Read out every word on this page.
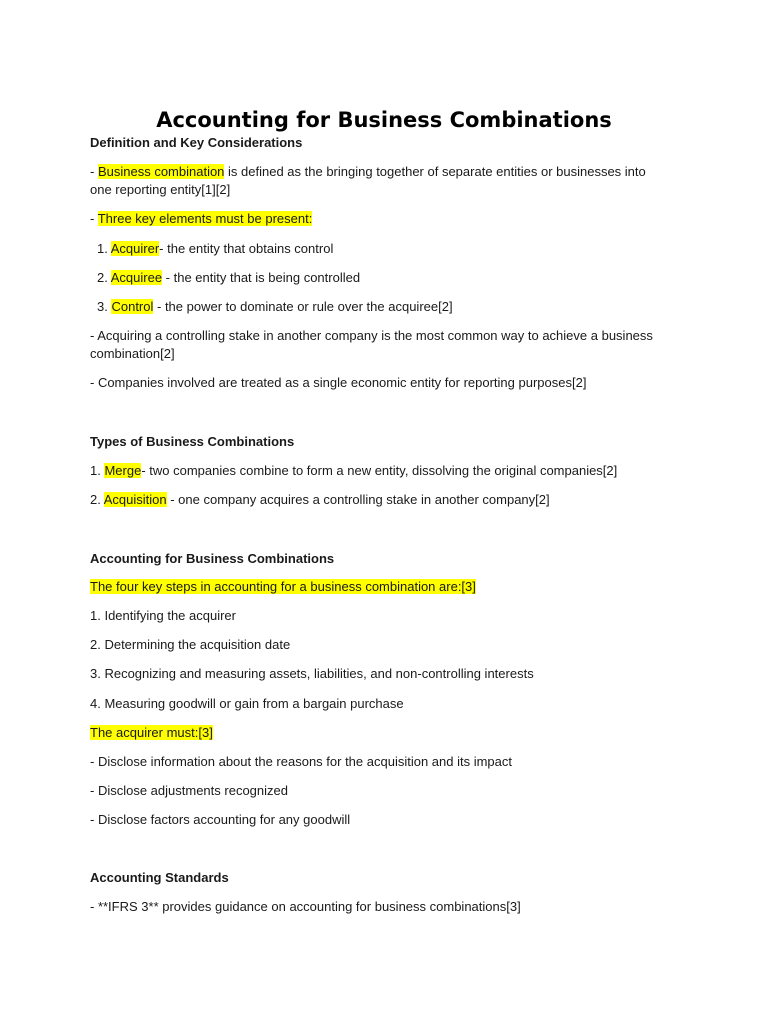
Accounting for Business Combinations
Definition and Key Considerations
- Business combination is defined as the bringing together of separate entities or businesses into one reporting entity[1][2]
- Three key elements must be present:
1. Acquirer- the entity that obtains control
2. Acquiree - the entity that is being controlled
3. Control - the power to dominate or rule over the acquiree[2]
- Acquiring a controlling stake in another company is the most common way to achieve a business combination[2]
- Companies involved are treated as a single economic entity for reporting purposes[2]
Types of Business Combinations
1. Merge- two companies combine to form a new entity, dissolving the original companies[2]
2. Acquisition - one company acquires a controlling stake in another company[2]
Accounting for Business Combinations
The four key steps in accounting for a business combination are:[3]
1. Identifying the acquirer
2. Determining the acquisition date
3. Recognizing and measuring assets, liabilities, and non-controlling interests
4. Measuring goodwill or gain from a bargain purchase
The acquirer must:[3]
- Disclose information about the reasons for the acquisition and its impact
- Disclose adjustments recognized
- Disclose factors accounting for any goodwill
Accounting Standards
- **IFRS 3** provides guidance on accounting for business combinations[3]
